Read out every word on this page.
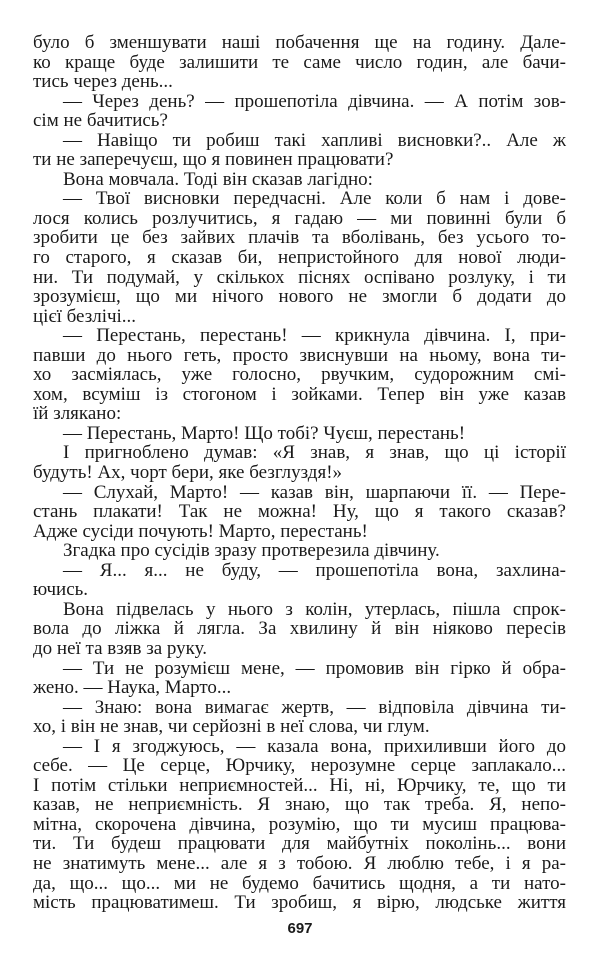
було б зменшувати наші побачення ще на годину. Дале-
ко краще буде залишити те саме число годин, але бачи-
тись через день...
— Через день? — прошепотіла дівчина. — А потім зов-
сім не бачитись?
— Навіщо ти робиш такі хапливі висновки?.. Але ж
ти не заперечуєш, що я повинен працювати?
Вона мовчала. Тоді він сказав лагідно:
— Твої висновки передчасні. Але коли б нам і дове-
лося колись розлучитись, я гадаю — ми повинні були б
зробити це без зайвих плачів та вболівань, без усього то-
го старого, я сказав би, непристойного для нової люди-
ни. Ти подумай, у скількох піснях оспівано розлуку, і ти
зрозумієш, що ми нічого нового не змогли б додати до
цієї безлічі...
— Перестань, перестань! — крикнула дівчина. І, при-
павши до нього геть, просто звиснувши на ньому, вона ти-
хо засміялась, уже голосно, рвучким, судорожним смі-
хом, всуміш із стогоном і зойками. Тепер він уже казав
їй злякано:
— Перестань, Марто! Що тобі? Чуєш, перестань!
І пригноблено думав: «Я знав, я знав, що ці історії
будуть! Ах, чорт бери, яке безглуздя!»
— Слухай, Марто! — казав він, шарпаючи її. — Пере-
стань плакати! Так не можна! Ну, що я такого сказав?
Адже сусіди почують! Марто, перестань!
Згадка про сусідів зразу протверезила дівчину.
— Я... я... не буду, — прошепотіла вона, захлина-
ючись.
Вона підвелась у нього з колін, утерлась, пішла спрок-
вола до ліжка й лягла. За хвилину й він ніяково пересів
до неї та взяв за руку.
— Ти не розумієш мене, — промовив він гірко й обра-
жено. — Наука, Марто...
— Знаю: вона вимагає жертв, — відповіла дівчина ти-
хо, і він не знав, чи серйозні в неї слова, чи глум.
— І я згоджуюсь, — казала вона, прихиливши його до
себе. — Це серце, Юрчику, нерозумне серце заплакало...
І потім стільки неприємностей... Ні, ні, Юрчику, те, що ти
казав, не неприємність. Я знаю, що так треба. Я, непо-
мітна, скорочена дівчина, розумію, що ти мусиш працюва-
ти. Ти будеш працювати для майбутніх поколінь... вони
не знатимуть мене... але я з тобою. Я люблю тебе, і я ра-
да, що... що... ми не будемо бачитись щодня, а ти нато-
мість працюватимеш. Ти зробиш, я вірю, людське життя
697
